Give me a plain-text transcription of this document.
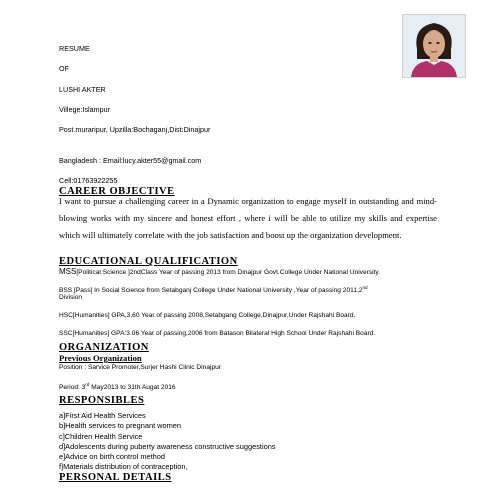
RESUME
OF
LUSHI AKTER
Villege:Islampur
Post.muraripur, Upzilla:Bochaganj,Dist:Dinajpur
Bangladesh : Email:lucy.akter55@gmail.com
Cell:01763922255
CAREER OBJECTIVE
I want to pursue a challenging career in a Dynamic organization to engage myself in outstanding and mind-blowing works with my sincere and honest effort , where i will be able to utilize my skills and expertise which will ultimately correlate with the job satisfaction and boost up the organization development.
EDUCATIONAL QUALIFICATION
MSS[Political Science ]2ndClass Year of passing 2013 from Dinajpur Govt.College Under National University.
BSS [Pass] In Social Science from Setabganj College Under National University ,Year of passing 2011,2nd
Division
HSC[Humanities] GPA,3.60 Year of passing 2008,Setabgang College,Dinajpur,Under Rajshahi Board.
SSC[Humanities] GPA:3.06 Year of passing,2006 from Batason Bilateral High School Under Rajshahi Board.
ORGANIZATION
Previous Organization
Position : Sarvice Promoter,Surjer Hashi Clinic Dinajpur
Period: 3rd May2013 to 31th Augat 2016
RESPONSIBLES
a]First Aid Health Services
b]Health services to pregnant women
c]Children Health Service
d]Adolescents during puberty awareness constructive suggestions
e]Advice on birth control method
f]Materials distribution of contraception,
PERSONAL DETAILS
